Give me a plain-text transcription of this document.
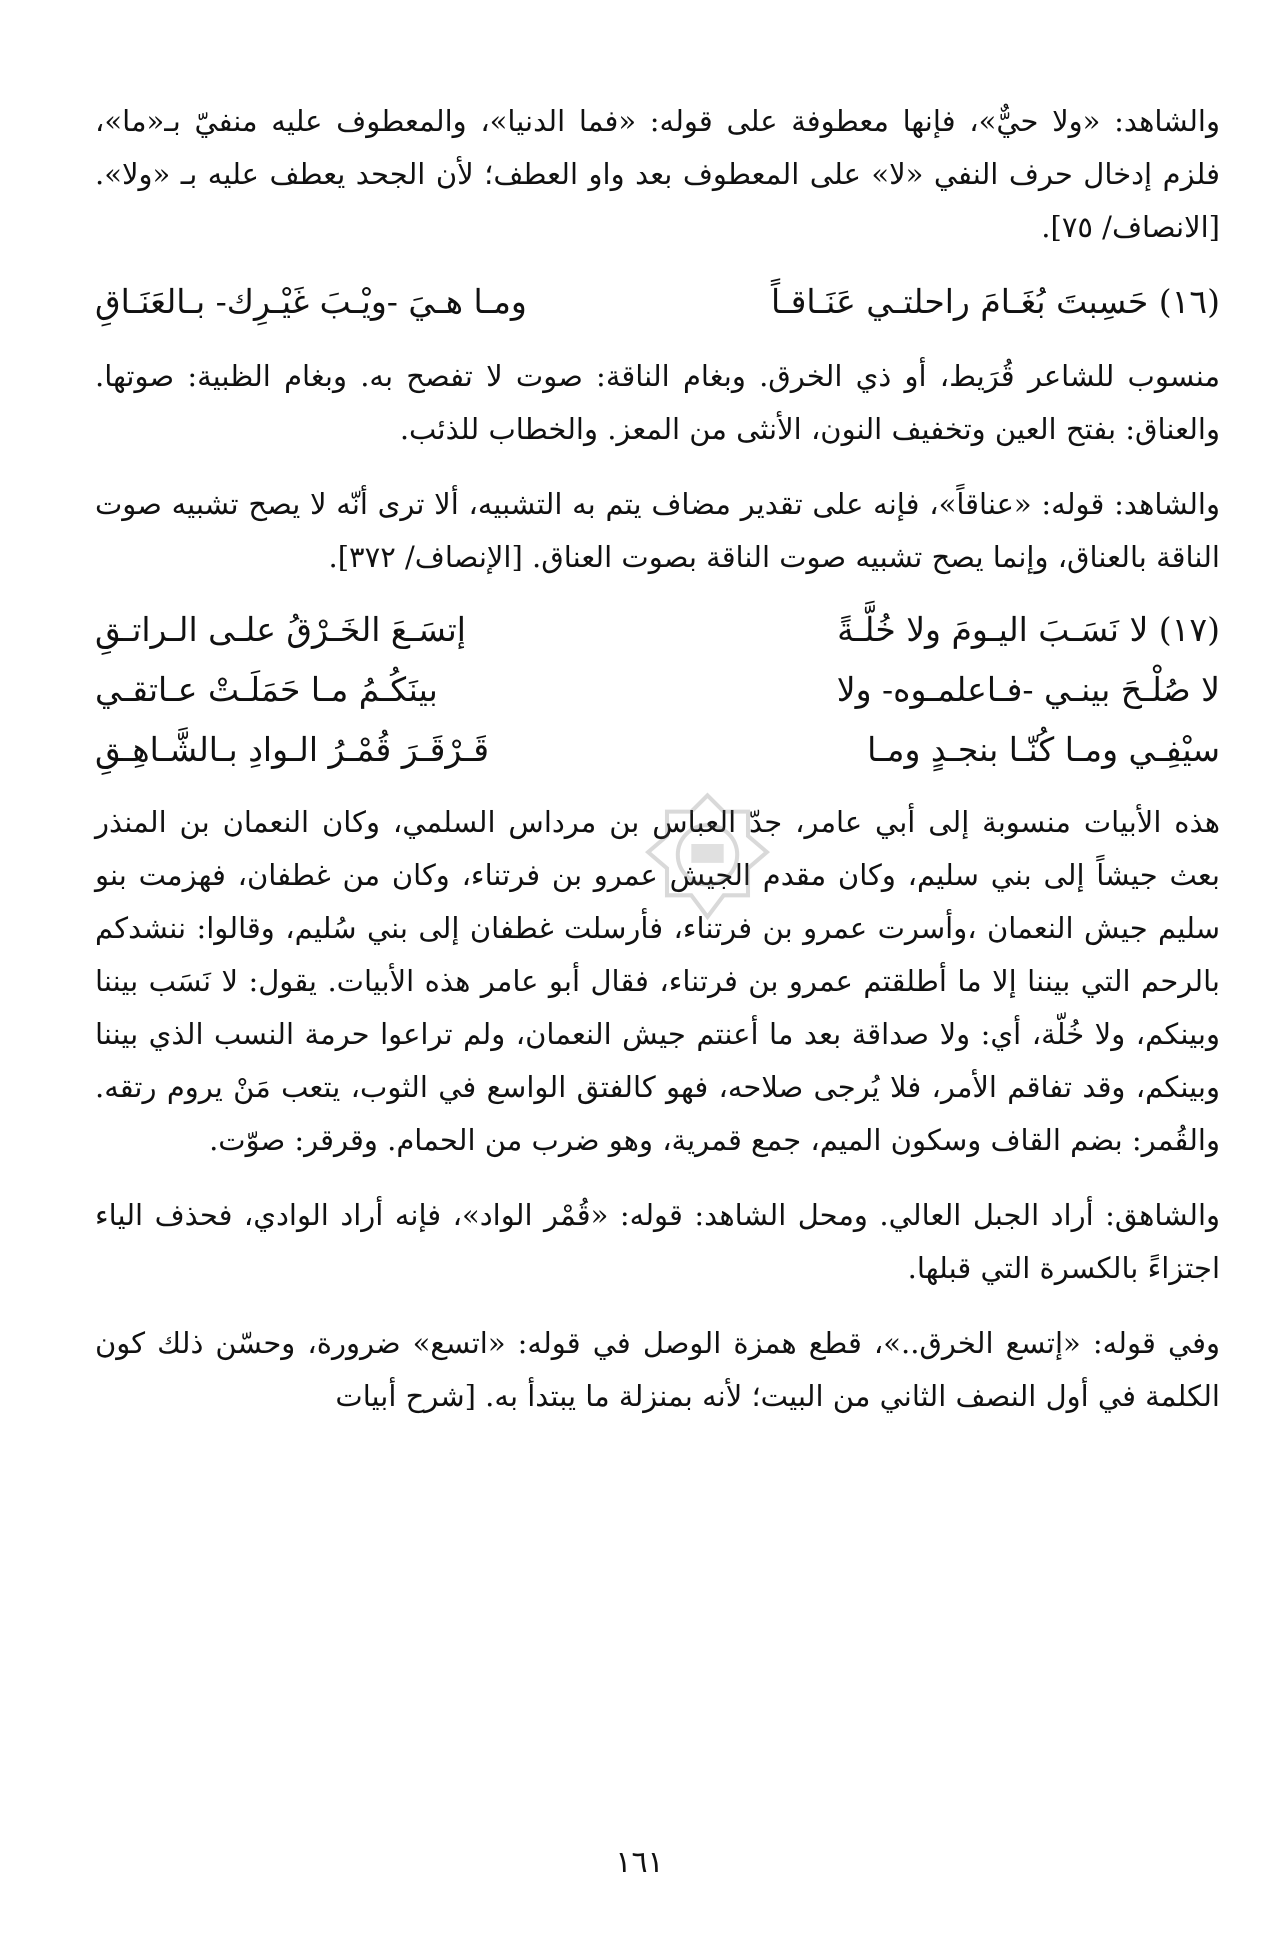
والشاهد: «ولا حيٌّ»، فإنها معطوفة على قوله: «فما الدنيا»، والمعطوف عليه منفيّ بـ«ما»، فلزم إدخال حرف النفي «لا» على المعطوف بعد واو العطف؛ لأن الجحد يعطف عليه بـ «ولا». [الانصاف/ ٧٥].

(١٦) حَسِبتَ بُغَـامَ راحلتـي عَنَـاقـاً
ومـا هـيَ -ويْـبَ غَيْـرِك- بـالعَنَـاقِ

منسوب للشاعر قُرَيط، أو ذي الخرق. وبغام الناقة: صوت لا تفصح به. وبغام الظبية: صوتها. والعناق: بفتح العين وتخفيف النون، الأنثى من المعز. والخطاب للذئب.

والشاهد: قوله: «عناقاً»، فإنه على تقدير مضاف يتم به التشبيه، ألا ترى أنّه لا يصح تشبيه صوت الناقة بالعناق، وإنما يصح تشبيه صوت الناقة بصوت العناق. [الإنصاف/ ٣٧٢].

(١٧) لا نَسَـبَ اليـومَ ولا خُلَّـةً
إتسَـعَ الخَـرْقُ علـى الـراتـقِ
لا صُلْـحَ بينـي -فـاعلمـوه- ولا
بينَكُـمُ مـا حَمَلَـتْ عـاتقـي
سيْفِـي ومـا كُنّـا بنجـدٍ ومـا
قَـرْقَـرَ قُمْـرُ الـوادِ بـالشَّـاهِـقِ

هذه الأبيات منسوبة إلى أبي عامر، جدّ العباس بن مرداس السلمي، وكان النعمان بن المنذر بعث جيشاً إلى بني سليم، وكان مقدم الجيش عمرو بن فرتناء، وكان من غطفان، فهزمت بنو سليم جيش النعمان ،وأسرت عمرو بن فرتناء، فأرسلت غطفان إلى بني سُليم، وقالوا: ننشدكم بالرحم التي بيننا إلا ما أطلقتم عمرو بن فرتناء، فقال أبو عامر هذه الأبيات. يقول: لا نَسَب بيننا وبينكم، ولا خُلّة، أي: ولا صداقة بعد ما أعنتم جيش النعمان، ولم تراعوا حرمة النسب الذي بيننا وبينكم، وقد تفاقم الأمر، فلا يُرجى صلاحه، فهو كالفتق الواسع في الثوب، يتعب مَنْ يروم رتقه. والقُمر: بضم القاف وسكون الميم، جمع قمرية، وهو ضرب من الحمام. وقرقر: صوّت.

والشاهق: أراد الجبل العالي. ومحل الشاهد: قوله: «قُمْر الواد»، فإنه أراد الوادي، فحذف الياء اجتزاءً بالكسرة التي قبلها.

وفي قوله: «إتسع الخرق..»، قطع همزة الوصل في قوله: «اتسع» ضرورة، وحسّن ذلك كون الكلمة في أول النصف الثاني من البيت؛ لأنه بمنزلة ما يبتدأ به. [شرح أبيات

١٦١
